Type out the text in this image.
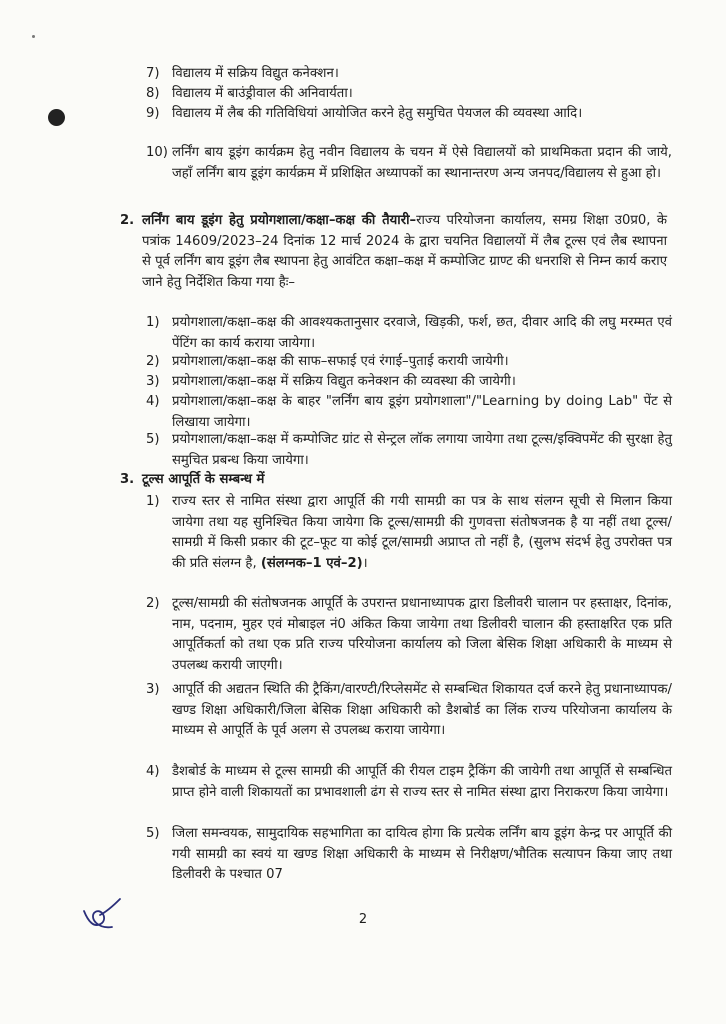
7) विद्यालय में सक्रिय विद्युत कनेक्शन।
8) विद्यालय में बाउंड्रीवाल की अनिवार्यता।
9) विद्यालय में लैब की गतिविधियां आयोजित करने हेतु समुचित पेयजल की व्यवस्था आदि।
10) लर्निंग बाय डूइंग कार्यक्रम हेतु नवीन विद्यालय के चयन में ऐसे विद्यालयों को प्राथमिकता प्रदान की जाये, जहाँ लर्निंग बाय डूइंग कार्यक्रम में प्रशिक्षित अध्यापकों का स्थानान्तरण अन्य जनपद/विद्यालय से हुआ हो।
2. लर्निंग बाय डूइंग हेतु प्रयोगशाला/कक्षा–कक्ष की तैयारी–राज्य परियोजना कार्यालय, समग्र शिक्षा उ0प्र0, के पत्रांक 14609/2023–24 दिनांक 12 मार्च 2024 के द्वारा चयनित विद्यालयों में लैब टूल्स एवं लैब स्थापना से पूर्व लर्निंग बाय डूइंग लैब स्थापना हेतु आवंटित कक्षा–कक्ष में कम्पोजिट ग्राण्ट की धनराशि से निम्न कार्य कराए जाने हेतु निर्देशित किया गया हैः–
1) प्रयोगशाला/कक्षा–कक्ष की आवश्यकतानुसार दरवाजे, खिड़की, फर्श, छत, दीवार आदि की लघु मरम्मत एवं पेंटिंग का कार्य कराया जायेगा।
2) प्रयोगशाला/कक्षा–कक्ष की साफ–सफाई एवं रंगाई–पुताई करायी जायेगी।
3) प्रयोगशाला/कक्षा–कक्ष में सक्रिय विद्युत कनेक्शन की व्यवस्था की जायेगी।
4) प्रयोगशाला/कक्षा–कक्ष के बाहर "लर्निंग बाय डूइंग प्रयोगशाला"/"Learning by doing Lab" पेंट से लिखाया जायेगा।
5) प्रयोगशाला/कक्षा–कक्ष में कम्पोजिट ग्रांट से सेन्ट्रल लॉक लगाया जायेगा तथा टूल्स/इक्विपमेंट की सुरक्षा हेतु समुचित प्रबन्ध किया जायेगा।
3. टूल्स आपूर्ति के सम्बन्ध में
1) राज्य स्तर से नामित संस्था द्वारा आपूर्ति की गयी सामग्री का पत्र के साथ संलग्न सूची से मिलान किया जायेगा तथा यह सुनिश्चित किया जायेगा कि टूल्स/सामग्री की गुणवत्ता संतोषजनक है या नहीं तथा टूल्स/सामग्री में किसी प्रकार की टूट–फूट या कोई टूल/सामग्री अप्राप्त तो नहीं है, (सुलभ संदर्भ हेतु उपरोक्त पत्र की प्रति संलग्न है, (संलग्नक–1 एवं–2)।
2) टूल्स/सामग्री की संतोषजनक आपूर्ति के उपरान्त प्रधानाध्यापक द्वारा डिलीवरी चालान पर हस्ताक्षर, दिनांक, नाम, पदनाम, मुहर एवं मोबाइल नं0 अंकित किया जायेगा तथा डिलीवरी चालान की हस्ताक्षरित एक प्रति आपूर्तिकर्ता को तथा एक प्रति राज्य परियोजना कार्यालय को जिला बेसिक शिक्षा अधिकारी के माध्यम से उपलब्ध करायी जाएगी।
3) आपूर्ति की अद्यतन स्थिति की ट्रैकिंग/वारण्टी/रिप्लेसमेंट से सम्बन्धित शिकायत दर्ज करने हेतु प्रधानाध्यापक/खण्ड शिक्षा अधिकारी/जिला बेसिक शिक्षा अधिकारी को डैशबोर्ड का लिंक राज्य परियोजना कार्यालय के माध्यम से आपूर्ति के पूर्व अलग से उपलब्ध कराया जायेगा।
4) डैशबोर्ड के माध्यम से टूल्स सामग्री की आपूर्ति की रीयल टाइम ट्रैकिंग की जायेगी तथा आपूर्ति से सम्बन्धित प्राप्त होने वाली शिकायतों का प्रभावशाली ढंग से राज्य स्तर से नामित संस्था द्वारा निराकरण किया जायेगा।
5) जिला समन्वयक, सामुदायिक सहभागिता का दायित्व होगा कि प्रत्येक लर्निंग बाय डूइंग केन्द्र पर आपूर्ति की गयी सामग्री का स्वयं या खण्ड शिक्षा अधिकारी के माध्यम से निरीक्षण/भौतिक सत्यापन किया जाए तथा डिलीवरी के पश्चात 07
2
